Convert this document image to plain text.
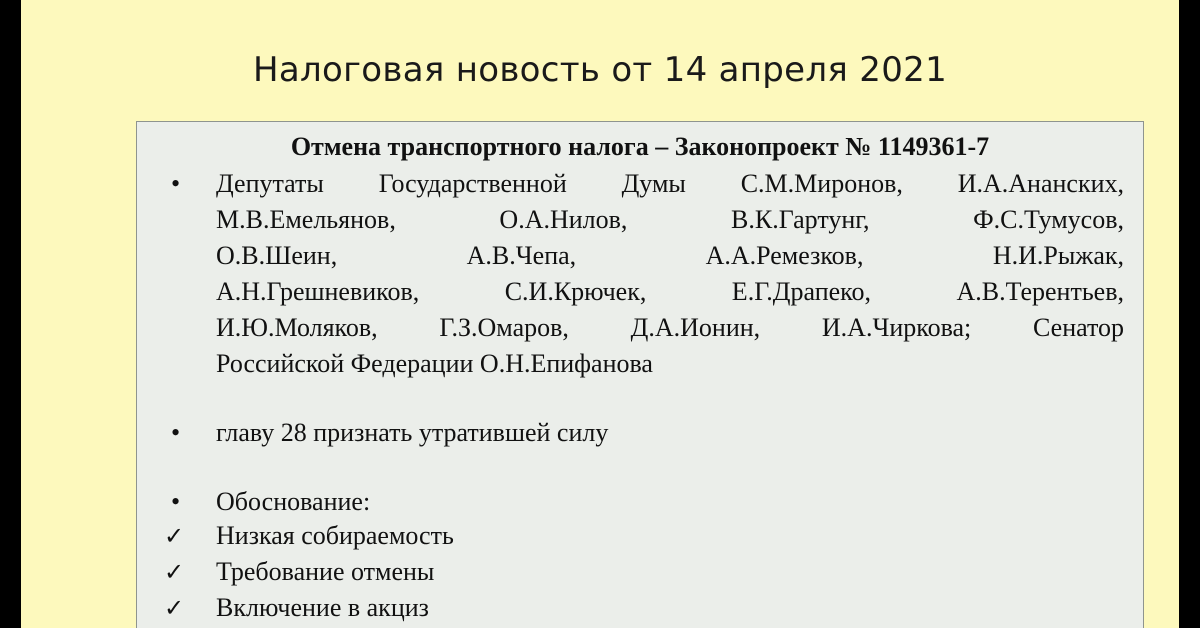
Налоговая новость от 14 апреля 2021
Отмена транспортного налога – Законопроект № 1149361-7
•	Депутаты Государственной Думы С.М.Миронов, И.А.Ананских,
М.В.Емельянов, О.А.Нилов, В.К.Гартунг, Ф.С.Тумусов,
О.В.Шеин, А.В.Чепа, А.А.Ремезков, Н.И.Рыжак,
А.Н.Грешневиков, С.И.Крючек, Е.Г.Драпеко, А.В.Терентьев,
И.Ю.Моляков, Г.З.Омаров, Д.А.Ионин, И.А.Чиркова; Сенатор
Российской Федерации О.Н.Епифанова
•	главу 28 признать утратившей силу
•	Обоснование:
✓	Низкая собираемость
✓	Требование отмены
✓	Включение в акциз
